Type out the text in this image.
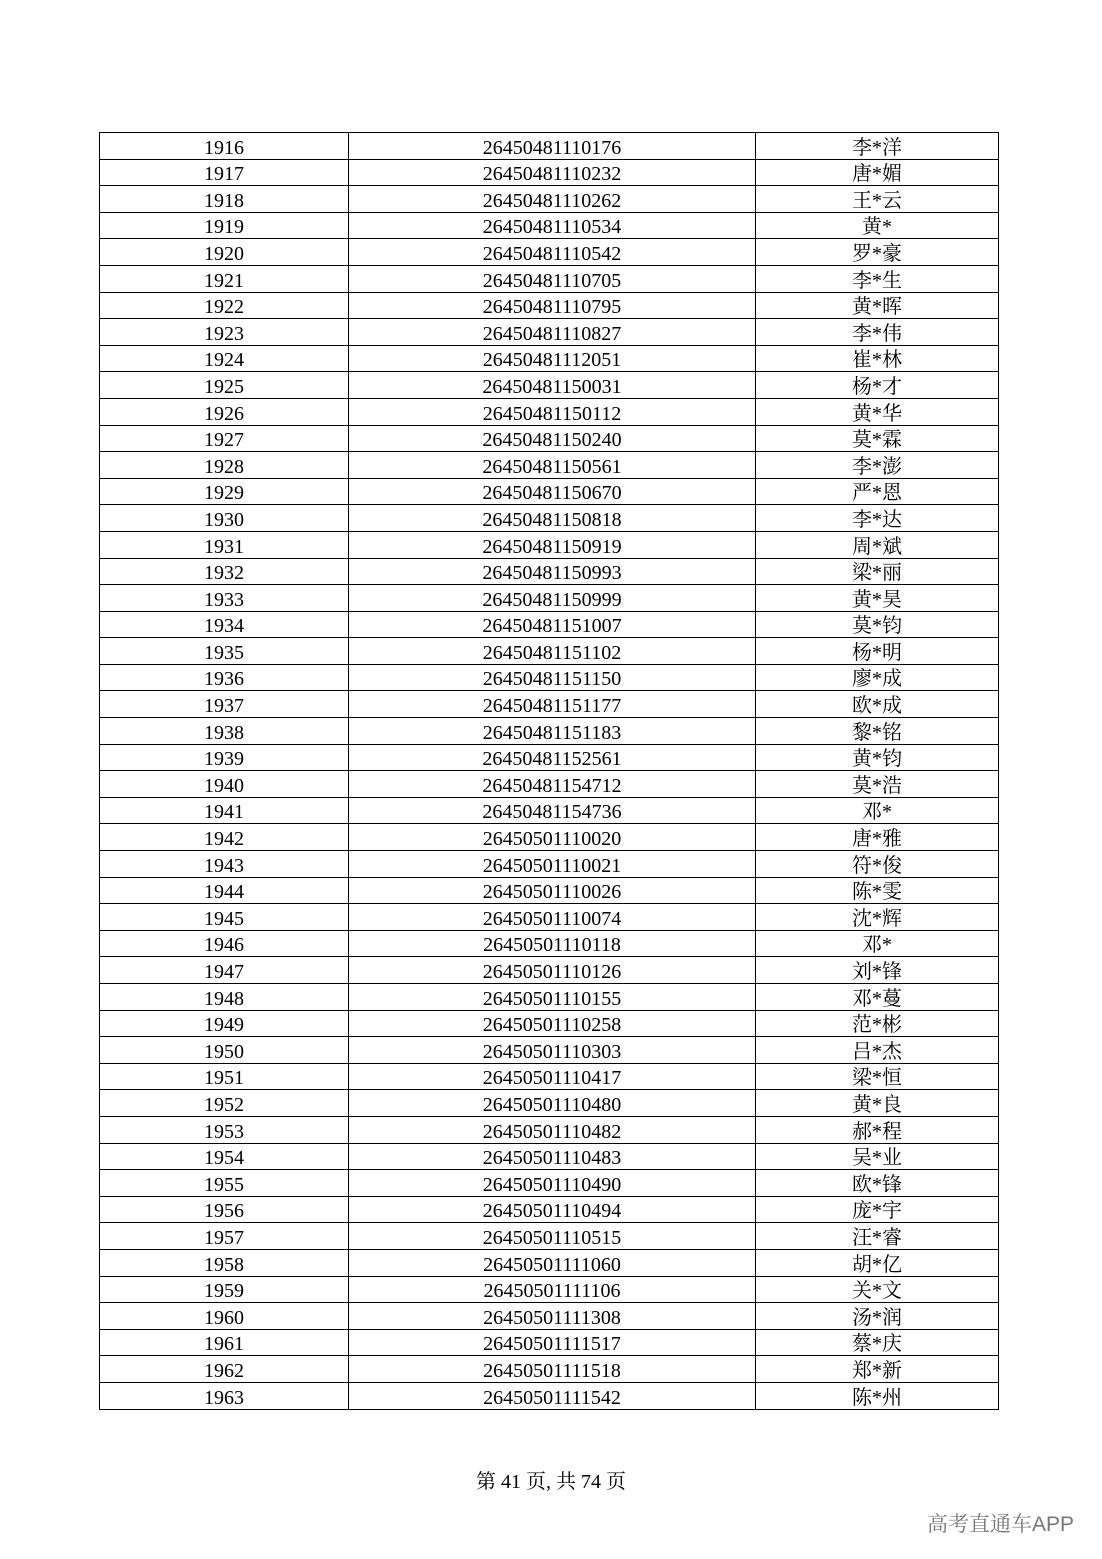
1916	26450481110176	李*洋
1917	26450481110232	唐*媚
1918	26450481110262	王*云
1919	26450481110534	黄*
1920	26450481110542	罗*豪
1921	26450481110705	李*生
1922	26450481110795	黄*晖
1923	26450481110827	李*伟
1924	26450481112051	崔*林
1925	26450481150031	杨*才
1926	26450481150112	黄*华
1927	26450481150240	莫*霖
1928	26450481150561	李*澎
1929	26450481150670	严*恩
1930	26450481150818	李*达
1931	26450481150919	周*斌
1932	26450481150993	梁*丽
1933	26450481150999	黄*昊
1934	26450481151007	莫*钧
1935	26450481151102	杨*明
1936	26450481151150	廖*成
1937	26450481151177	欧*成
1938	26450481151183	黎*铭
1939	26450481152561	黄*钧
1940	26450481154712	莫*浩
1941	26450481154736	邓*
1942	26450501110020	唐*雅
1943	26450501110021	符*俊
1944	26450501110026	陈*雯
1945	26450501110074	沈*辉
1946	26450501110118	邓*
1947	26450501110126	刘*锋
1948	26450501110155	邓*蔓
1949	26450501110258	范*彬
1950	26450501110303	吕*杰
1951	26450501110417	梁*恒
1952	26450501110480	黄*良
1953	26450501110482	郝*程
1954	26450501110483	吴*业
1955	26450501110490	欧*锋
1956	26450501110494	庞*宇
1957	26450501110515	汪*睿
1958	26450501111060	胡*亿
1959	26450501111106	关*文
1960	26450501111308	汤*润
1961	26450501111517	蔡*庆
1962	26450501111518	郑*新
1963	26450501111542	陈*州
第 41 页, 共 74 页
高考直通车APP
